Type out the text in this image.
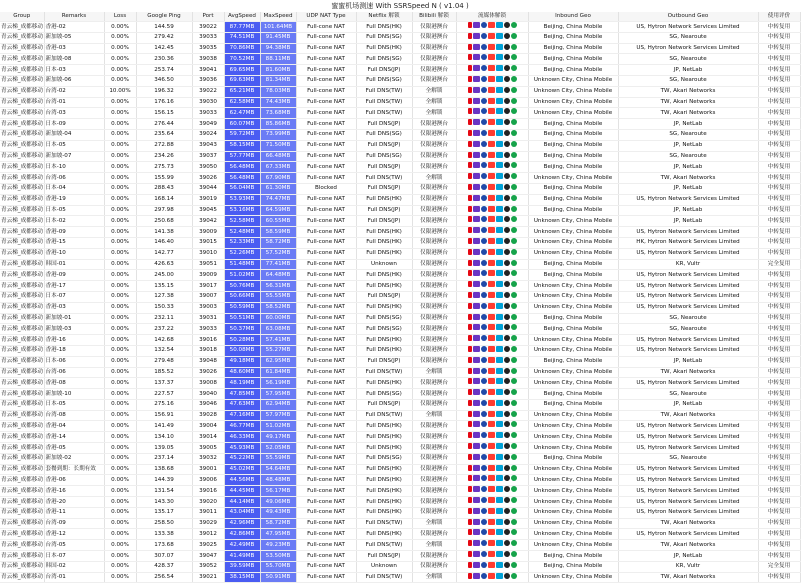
蜜蜜机场测速 With SSRSpeed N ( v1.04 )
Group	Remarks	Loss	Google Ping	Port	AvgSpeed	MaxSpeed	UDP NAT Type	Netflix 解锁	Bilibili 解锁	流媒体解锁	Inbound Geo	Outbound Geo	使用评价
青云梯_成都移动	香港-02	0.00%	144.59	39022	87.77MB	101.64MB	Full-cone NAT	Full DNS(HK)	仅限港澳台		Beijing, China Mobile	US, Hytron Network Services Limited	中转复用
青云梯_成都移动	新加坡-05	0.00%	279.42	39033	74.51MB	91.45MB	Full-cone NAT	Full DNS(SG)	仅限港澳台		Beijing, China Mobile	SG, Nearoute	中转复用
青云梯_成都移动	香港-03	0.00%	142.45	39035	70.86MB	94.38MB	Full-cone NAT	Full DNS(HK)	仅限港澳台		Beijing, China Mobile	US, Hytron Network Services Limited	中转复用
青云梯_成都移动	新加坡-08	0.00%	230.36	39038	70.52MB	88.11MB	Full-cone NAT	Full DNS(SG)	仅限港澳台		Beijing, China Mobile	SG, Nearoute	中转复用
青云梯_成都移动	日本-03	0.00%	253.74	39041	69.65MB	81.60MB	Full-cone NAT	Full DNS(JP)	仅限港澳台		Beijing, China Mobile	JP, NetLab	中转复用
青云梯_成都移动	新加坡-06	0.00%	346.50	39036	69.63MB	81.34MB	Full-cone NAT	Full DNS(SG)	仅限港澳台		Unknown City, China Mobile	SG, Nearoute	中转复用
青云梯_成都移动	台湾-02	10.00%	196.32	39022	65.21MB	78.03MB	Full-cone NAT	Full DNS(TW)	全解锁		Unknown City, China Mobile	TW, Akari Networks	中转复用
青云梯_成都移动	台湾-01	0.00%	176.16	39030	62.58MB	74.43MB	Full-cone NAT	Full DNS(TW)	全解锁		Unknown City, China Mobile	TW, Akari Networks	中转复用
青云梯_成都移动	台湾-03	0.00%	156.15	39033	62.47MB	73.68MB	Full-cone NAT	Full DNS(TW)	全解锁		Unknown City, China Mobile	TW, Akari Networks	中转复用
青云梯_成都移动	日本-09	0.00%	276.44	39049	60.07MB	85.86MB	Full-cone NAT	Full DNS(JP)	仅限港澳台		Beijing, China Mobile	JP, NetLab	中转复用
青云梯_成都移动	新加坡-04	0.00%	235.64	39024	59.72MB	73.99MB	Full-cone NAT	Full DNS(SG)	仅限港澳台		Beijing, China Mobile	SG, Nearoute	中转复用
青云梯_成都移动	日本-05	0.00%	272.88	39043	58.15MB	71.50MB	Full-cone NAT	Full DNS(JP)	仅限港澳台		Beijing, China Mobile	JP, NetLab	中转复用
青云梯_成都移动	新加坡-07	0.00%	234.26	39037	57.77MB	66.48MB	Full-cone NAT	Full DNS(SG)	仅限港澳台		Beijing, China Mobile	SG, Nearoute	中转复用
青云梯_成都移动	日本-10	0.00%	275.73	39050	56.48MB	67.33MB	Full-cone NAT	Full DNS(JP)	仅限港澳台		Beijing, China Mobile	JP, NetLab	中转复用
青云梯_成都移动	台湾-06	0.00%	155.99	39026	56.48MB	67.90MB	Full-cone NAT	Full DNS(TW)	全解锁		Unknown City, China Mobile	TW, Akari Networks	中转复用
青云梯_成都移动	日本-04	0.00%	288.43	39044	56.04MB	61.30MB	Blocked	Full DNS(JP)	仅限港澳台		Beijing, China Mobile	JP, NetLab	中转复用
青云梯_成都移动	香港-19	0.00%	168.14	39019	53.93MB	74.47MB	Full-cone NAT	Full DNS(HK)	仅限港澳台		Beijing, China Mobile	US, Hytron Network Services Limited	中转复用
青云梯_成都移动	日本-05	0.00%	297.98	39045	53.16MB	64.59MB	Full-cone NAT	Full DNS(JP)	仅限港澳台		Beijing, China Mobile	JP, NetLab	中转复用
青云梯_成都移动	日本-02	0.00%	250.68	39042	52.58MB	60.55MB	Full-cone NAT	Full DNS(JP)	仅限港澳台		Unknown City, China Mobile	JP, NetLab	中转复用
青云梯_成都移动	香港-09	0.00%	141.38	39009	52.48MB	58.59MB	Full-cone NAT	Full DNS(HK)	仅限港澳台		Unknown City, China Mobile	US, Hytron Network Services Limited	中转复用
青云梯_成都移动	香港-15	0.00%	146.40	39015	52.33MB	58.72MB	Full-cone NAT	Full DNS(HK)	仅限港澳台		Unknown City, China Mobile	HK, Hytron Network Services Limited	中转复用
青云梯_成都移动	香港-10	0.00%	142.77	39010	52.26MB	57.52MB	Full-cone NAT	Full DNS(HK)	仅限港澳台		Unknown City, China Mobile	US, Hytron Network Services Limited	中转复用
青云梯_成都移动	韩国-01	0.00%	426.63	39051	51.48MB	77.41MB	Full-cone NAT	Unknown	仅限港澳台		Beijing, China Mobile	KR, Vultr	完全复用
青云梯_成都移动	香港-09	0.00%	245.00	39009	51.02MB	64.48MB	Full-cone NAT	Full DNS(HK)	仅限港澳台		Beijing, China Mobile	US, Hytron Network Services Limited	中转复用
青云梯_成都移动	香港-17	0.00%	135.15	39017	50.76MB	56.31MB	Full-cone NAT	Full DNS(HK)	仅限港澳台		Unknown City, China Mobile	US, Hytron Network Services Limited	中转复用
青云梯_成都移动	日本-07	0.00%	127.38	39007	50.66MB	55.55MB	Full-cone NAT	Full DNS(JP)	仅限港澳台		Unknown City, China Mobile	US, Hytron Network Services Limited	中转复用
青云梯_成都移动	香港-03	0.00%	150.33	39003	50.59MB	58.52MB	Full-cone NAT	Full DNS(HK)	仅限港澳台		Unknown City, China Mobile	US, Hytron Network Services Limited	中转复用
青云梯_成都移动	新加坡-01	0.00%	232.11	39031	50.51MB	60.00MB	Full-cone NAT	Full DNS(SG)	仅限港澳台		Beijing, China Mobile	SG, Nearoute	中转复用
青云梯_成都移动	新加坡-03	0.00%	237.22	39033	50.37MB	63.08MB	Full-cone NAT	Full DNS(SG)	仅限港澳台		Beijing, China Mobile	SG, Nearoute	中转复用
青云梯_成都移动	香港-16	0.00%	142.68	39016	50.28MB	57.41MB	Full-cone NAT	Full DNS(HK)	仅限港澳台		Unknown City, China Mobile	US, Hytron Network Services Limited	中转复用
青云梯_成都移动	香港-18	0.00%	132.54	39018	50.08MB	55.27MB	Full-cone NAT	Full DNS(HK)	仅限港澳台		Unknown City, China Mobile	US, Hytron Network Services Limited	中转复用
青云梯_成都移动	日本-06	0.00%	279.48	39048	49.18MB	62.95MB	Full-cone NAT	Full DNS(JP)	仅限港澳台		Beijing, China Mobile	JP, NetLab	中转复用
青云梯_成都移动	台湾-06	0.00%	185.52	39026	48.60MB	61.84MB	Full-cone NAT	Full DNS(TW)	全解锁		Unknown City, China Mobile	TW, Akari Networks	中转复用
青云梯_成都移动	香港-08	0.00%	137.37	39008	48.19MB	56.19MB	Full-cone NAT	Full DNS(HK)	仅限港澳台		Unknown City, China Mobile	US, Hytron Network Services Limited	中转复用
青云梯_成都移动	新加坡-10	0.00%	227.57	39040	47.85MB	57.95MB	Full-cone NAT	Full DNS(SG)	仅限港澳台		Beijing, China Mobile	SG, Nearoute	中转复用
青云梯_成都移动	日本-05	0.00%	275.16	39046	47.63MB	62.94MB	Full-cone NAT	Full DNS(JP)	仅限港澳台		Beijing, China Mobile	JP, NetLab	中转复用
青云梯_成都移动	台湾-08	0.00%	156.91	39028	47.16MB	57.97MB	Full-cone NAT	Full DNS(TW)	全解锁		Unknown City, China Mobile	TW, Akari Networks	中转复用
青云梯_成都移动	香港-04	0.00%	141.49	39004	46.77MB	51.02MB	Full-cone NAT	Full DNS(HK)	仅限港澳台		Unknown City, China Mobile	US, Hytron Network Services Limited	中转复用
青云梯_成都移动	香港-14	0.00%	134.10	39014	46.33MB	49.17MB	Full-cone NAT	Full DNS(HK)	仅限港澳台		Unknown City, China Mobile	US, Hytron Network Services Limited	中转复用
青云梯_成都移动	香港-05	0.00%	139.05	39005	45.93MB	52.05MB	Full-cone NAT	Full DNS(HK)	仅限港澳台		Unknown City, China Mobile	US, Hytron Network Services Limited	中转复用
青云梯_成都移动	新加坡-02	0.00%	237.14	39032	45.22MB	55.59MB	Full-cone NAT	Full DNS(SG)	仅限港澳台		Beijing, China Mobile	SG, Nearoute	中转复用
青云梯_成都移动	套餐到期：长期有效	0.00%	138.68	39001	45.02MB	54.64MB	Full-cone NAT	Full DNS(HK)	仅限港澳台		Unknown City, China Mobile	US, Hytron Network Services Limited	中转复用
青云梯_成都移动	香港-06	0.00%	144.39	39006	44.56MB	48.48MB	Full-cone NAT	Full DNS(HK)	仅限港澳台		Unknown City, China Mobile	US, Hytron Network Services Limited	中转复用
青云梯_成都移动	香港-16	0.00%	131.54	39016	44.45MB	56.17MB	Full-cone NAT	Full DNS(HK)	仅限港澳台		Unknown City, China Mobile	US, Hytron Network Services Limited	中转复用
青云梯_成都移动	香港-20	0.00%	143.30	39020	44.14MB	49.06MB	Full-cone NAT	Full DNS(HK)	仅限港澳台		Unknown City, China Mobile	US, Hytron Network Services Limited	中转复用
青云梯_成都移动	香港-11	0.00%	135.17	39011	43.04MB	49.43MB	Full-cone NAT	Full DNS(HK)	仅限港澳台		Unknown City, China Mobile	US, Hytron Network Services Limited	中转复用
青云梯_成都移动	台湾-09	0.00%	258.50	39029	42.96MB	58.72MB	Full-cone NAT	Full DNS(TW)	全解锁		Unknown City, China Mobile	TW, Akari Networks	中转复用
青云梯_成都移动	香港-12	0.00%	133.38	39012	42.86MB	47.95MB	Full-cone NAT	Full DNS(HK)	仅限港澳台		Unknown City, China Mobile	US, Hytron Network Services Limited	中转复用
青云梯_成都移动	台湾-05	0.00%	173.68	39025	42.49MB	49.23MB	Full-cone NAT	Full DNS(TW)	全解锁		Unknown City, China Mobile	TW, Akari Networks	中转复用
青云梯_成都移动	日本-07	0.00%	307.07	39047	41.49MB	53.50MB	Full-cone NAT	Full DNS(JP)	仅限港澳台		Beijing, China Mobile	JP, NetLab	中转复用
青云梯_成都移动	韩国-02	0.00%	428.37	39052	39.59MB	55.70MB	Full-cone NAT	Unknown	仅限港澳台		Beijing, China Mobile	KR, Vultr	完全复用
青云梯_成都移动	台湾-01	0.00%	256.54	39021	38.15MB	50.91MB	Full-cone NAT	Full DNS(TW)	全解锁		Unknown City, China Mobile	TW, Akari Networks	中转复用
